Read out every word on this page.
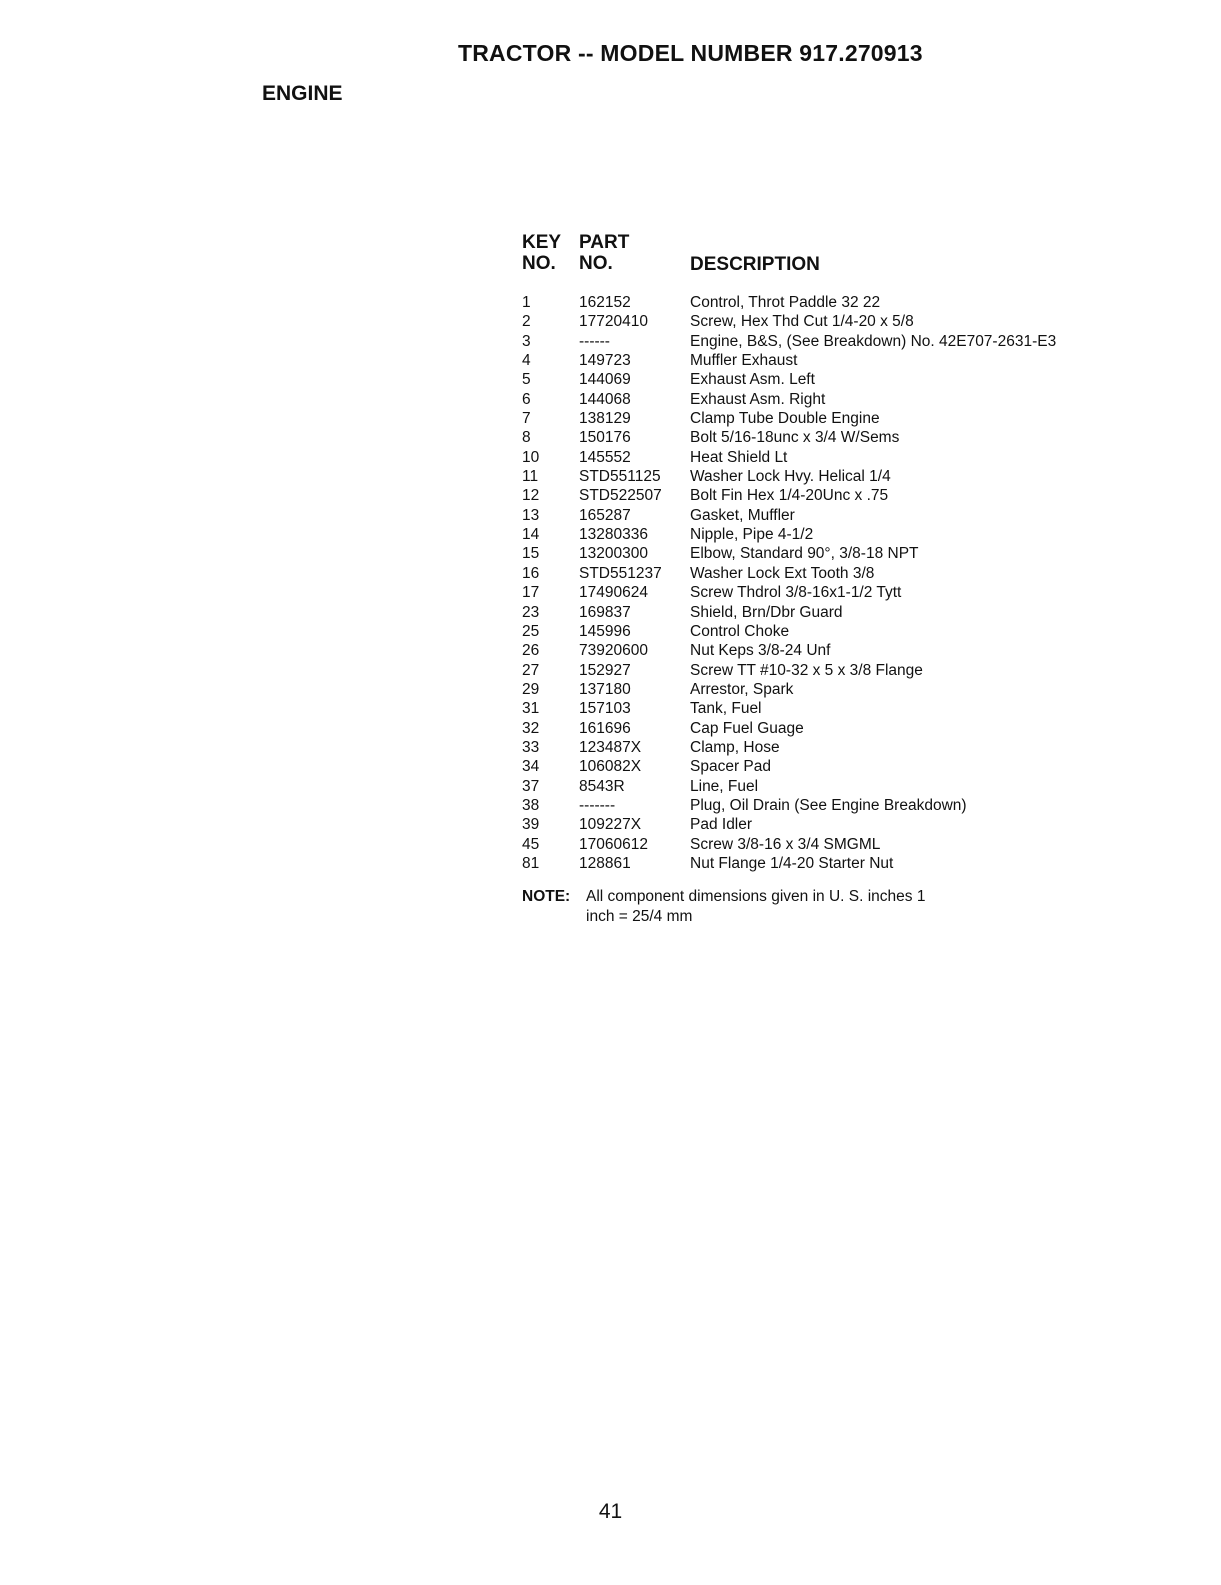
TRACTOR -- MODEL NUMBER 917.270913
ENGINE
KEY PART
NO.	NO.	DESCRIPTION
1	162152	Control, Throt Paddle 32 22
2	17720410	Screw, Hex Thd Cut 1/4-20 x 5/8
3	------	Engine, B&S, (See Breakdown) No. 42E707-2631-E3
4	149723	Muffler Exhaust
5	144069	Exhaust Asm. Left
6	144068	Exhaust Asm. Right
7	138129	Clamp Tube Double Engine
8	150176	Bolt 5/16-18unc x 3/4 W/Sems
10	145552	Heat Shield Lt
11	STD551125	Washer Lock Hvy. Helical 1/4
12	STD522507	Bolt Fin Hex 1/4-20Unc x .75
13	165287	Gasket, Muffler
14	13280336	Nipple, Pipe 4-1/2
15	13200300	Elbow, Standard 90°, 3/8-18 NPT
16	STD551237	Washer Lock Ext Tooth 3/8
17	17490624	Screw Thdrol 3/8-16x1-1/2 Tytt
23	169837	Shield, Brn/Dbr Guard
25	145996	Control Choke
26	73920600	Nut Keps 3/8-24 Unf
27	152927	Screw TT #10-32 x 5 x 3/8 Flange
29	137180	Arrestor, Spark
31	157103	Tank, Fuel
32	161696	Cap Fuel Guage
33	123487X	Clamp, Hose
34	106082X	Spacer Pad
37	8543R	Line, Fuel
38	-------	Plug, Oil Drain (See Engine Breakdown)
39	109227X	Pad Idler
45	17060612	Screw 3/8-16 x 3/4 SMGML
81	128861	Nut Flange 1/4-20 Starter Nut
NOTE:	All component dimensions given in U. S. inches 1 inch = 25/4 mm
41
